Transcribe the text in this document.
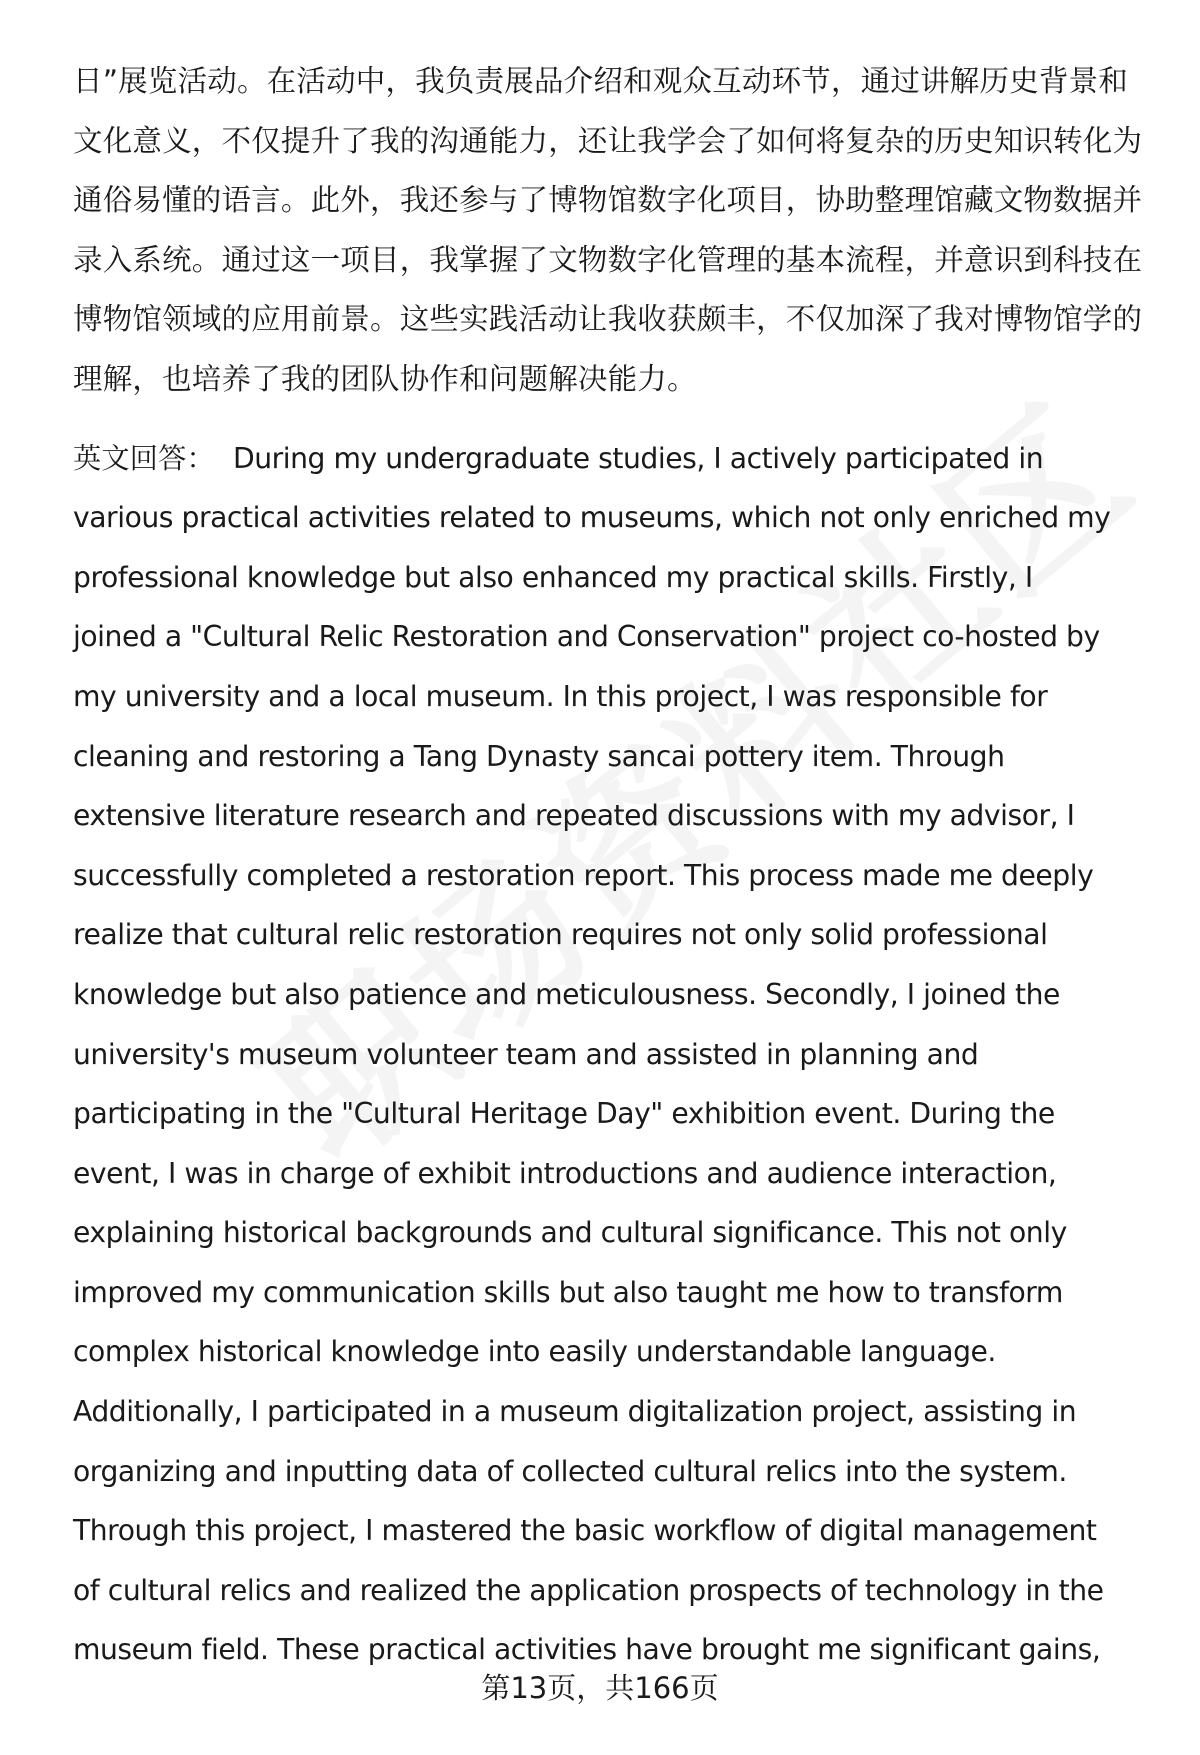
日”展览活动。在活动中，我负责展品介绍和观众互动环节，通过讲解历史背景和
文化意义，不仅提升了我的沟通能力，还让我学会了如何将复杂的历史知识转化为
通俗易懂的语言。此外，我还参与了博物馆数字化项目，协助整理馆藏文物数据并
录入系统。通过这一项目，我掌握了文物数字化管理的基本流程，并意识到科技在
博物馆领域的应用前景。这些实践活动让我收获颇丰，不仅加深了我对博物馆学的
理解，也培养了我的团队协作和问题解决能力。
英文回答： During my undergraduate studies, I actively participated in
various practical activities related to museums, which not only enriched my
professional knowledge but also enhanced my practical skills. Firstly, I
joined a "Cultural Relic Restoration and Conservation" project co-hosted by
my university and a local museum. In this project, I was responsible for
cleaning and restoring a Tang Dynasty sancai pottery item. Through
extensive literature research and repeated discussions with my advisor, I
successfully completed a restoration report. This process made me deeply
realize that cultural relic restoration requires not only solid professional
knowledge but also patience and meticulousness. Secondly, I joined the
university's museum volunteer team and assisted in planning and
participating in the "Cultural Heritage Day" exhibition event. During the
event, I was in charge of exhibit introductions and audience interaction,
explaining historical backgrounds and cultural significance. This not only
improved my communication skills but also taught me how to transform
complex historical knowledge into easily understandable language.
Additionally, I participated in a museum digitalization project, assisting in
organizing and inputting data of collected cultural relics into the system.
Through this project, I mastered the basic workflow of digital management
of cultural relics and realized the application prospects of technology in the
museum field. These practical activities have brought me significant gains,
第13页，共166页
